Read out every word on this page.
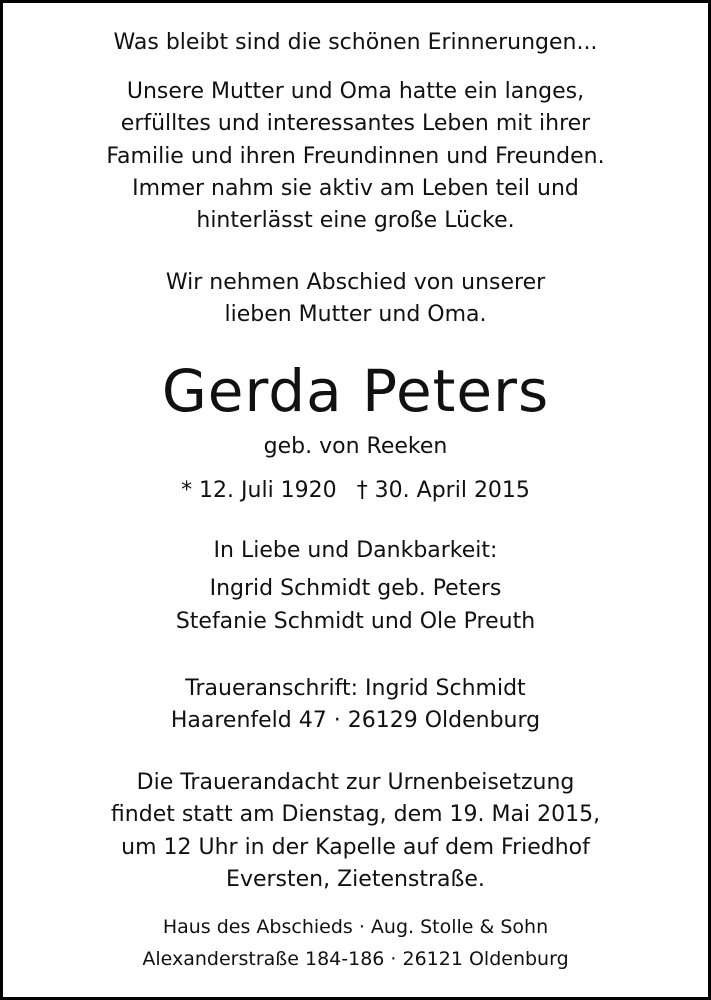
Was bleibt sind die schönen Erinnerungen...

Unsere Mutter und Oma hatte ein langes,

erfülltes und interessantes Leben mit ihrer

Familie und ihren Freundinnen und Freunden.

Immer nahm sie aktiv am Leben teil und

hinterlässt eine große Lücke.

Wir nehmen Abschied von unserer

lieben Mutter und Oma.

Gerda Peters

geb. von Reeken

* 12. Juli 1920 † 30. April 2015

In Liebe und Dankbarkeit:

Ingrid Schmidt geb. Peters

Stefanie Schmidt und Ole Preuth

Traueranschrift: Ingrid Schmidt

Haarenfeld 47 · 26129 Oldenburg

Die Trauerandacht zur Urnenbeisetzung

findet statt am Dienstag, dem 19. Mai 2015,

um 12 Uhr in der Kapelle auf dem Friedhof

Eversten, Zietenstraße.

Haus des Abschieds · Aug. Stolle & Sohn

Alexanderstraße 184-186 · 26121 Oldenburg
